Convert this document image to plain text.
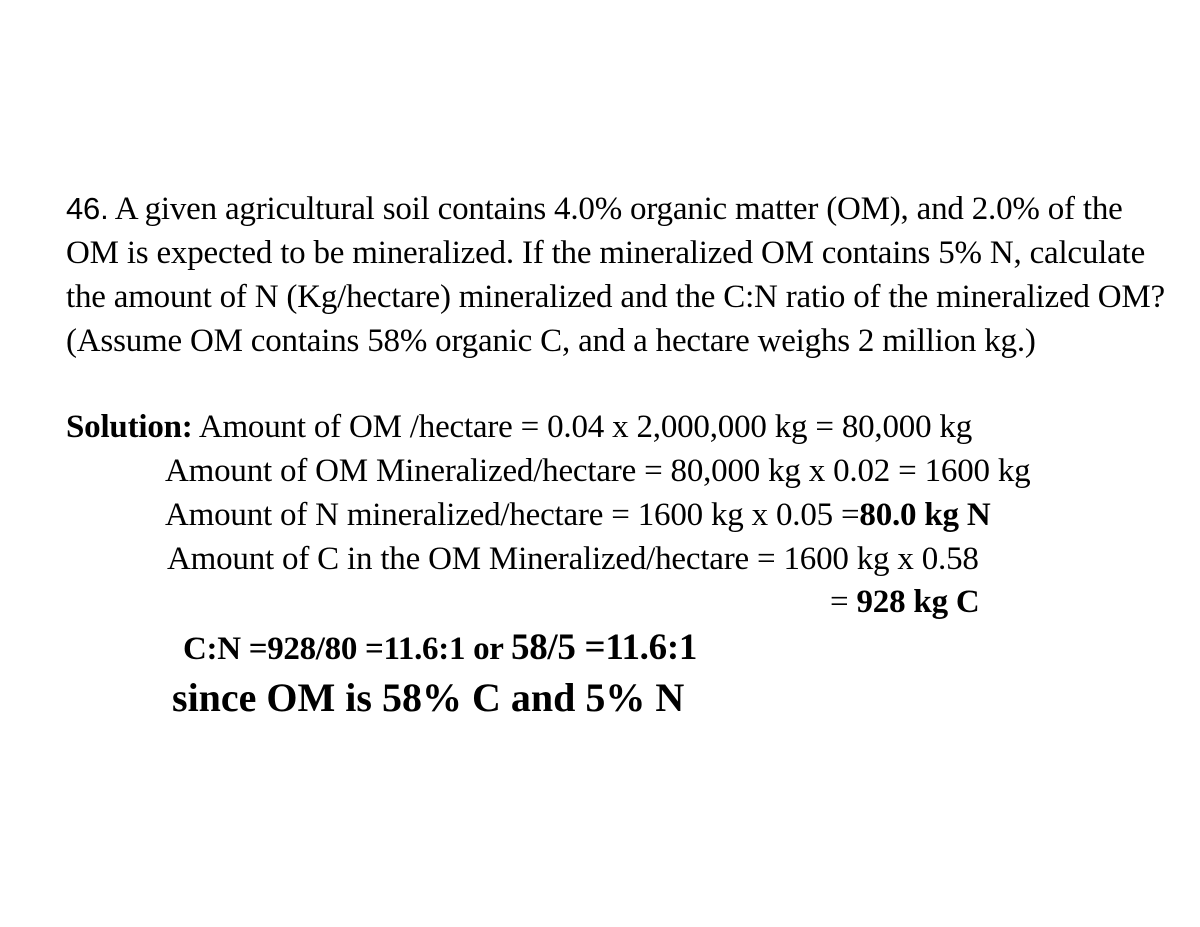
46. A given agricultural soil contains 4.0% organic matter (OM), and 2.0% of the OM is expected to be mineralized. If the mineralized OM contains 5% N, calculate the amount of N (Kg/hectare) mineralized and the C:N ratio of the mineralized OM? (Assume OM contains 58% organic C, and a hectare weighs 2 million kg.)
Solution: Amount of OM /hectare = 0.04 x 2,000,000 kg = 80,000 kg
Amount of OM Mineralized/hectare = 80,000 kg x 0.02 = 1600 kg
Amount of N mineralized/hectare = 1600 kg x 0.05 =80.0 kg N
Amount of C in the OM Mineralized/hectare = 1600 kg x 0.58
= 928 kg C
C:N =928/80 =11.6:1 or 58/5 =11.6:1
since OM is 58% C and 5% N
